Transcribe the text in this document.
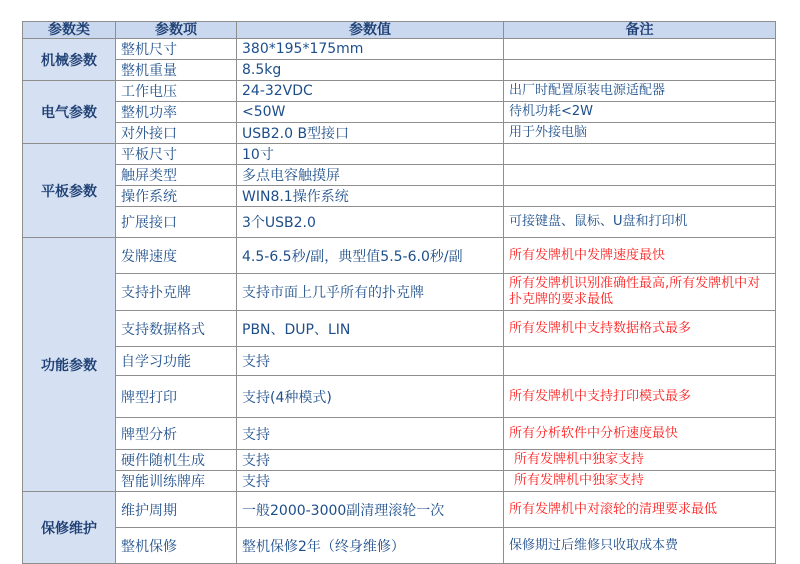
参数类	参数项	参数值	备注
机械参数	整机尺寸	380*195*175mm	
	整机重量	8.5kg	
电气参数	工作电压	24-32VDC	出厂时配置原装电源适配器
	整机功率	<50W	待机功耗<2W
	对外接口	USB2.0 B型接口	用于外接电脑
平板参数	平板尺寸	10寸	
	触屏类型	多点电容触摸屏	
	操作系统	WIN8.1操作系统	
	扩展接口	3个USB2.0	可接键盘、鼠标、U盘和打印机
功能参数	发牌速度	4.5-6.5秒/副，典型值5.5-6.0秒/副	所有发牌机中发牌速度最快
	支持扑克牌	支持市面上几乎所有的扑克牌	所有发牌机识别准确性最高,所有发牌机中对扑克牌的要求最低
	支持数据格式	PBN、DUP、LIN	所有发牌机中支持数据格式最多
	自学习功能	支持	
	牌型打印	支持(4种模式)	所有发牌机中支持打印模式最多
	牌型分析	支持	所有分析软件中分析速度最快
	硬件随机生成	支持	所有发牌机中独家支持
	智能训练牌库	支持	所有发牌机中独家支持
保修维护	维护周期	一般2000-3000副清理滚轮一次	所有发牌机中对滚轮的清理要求最低
	整机保修	整机保修2年（终身维修）	保修期过后维修只收取成本费
